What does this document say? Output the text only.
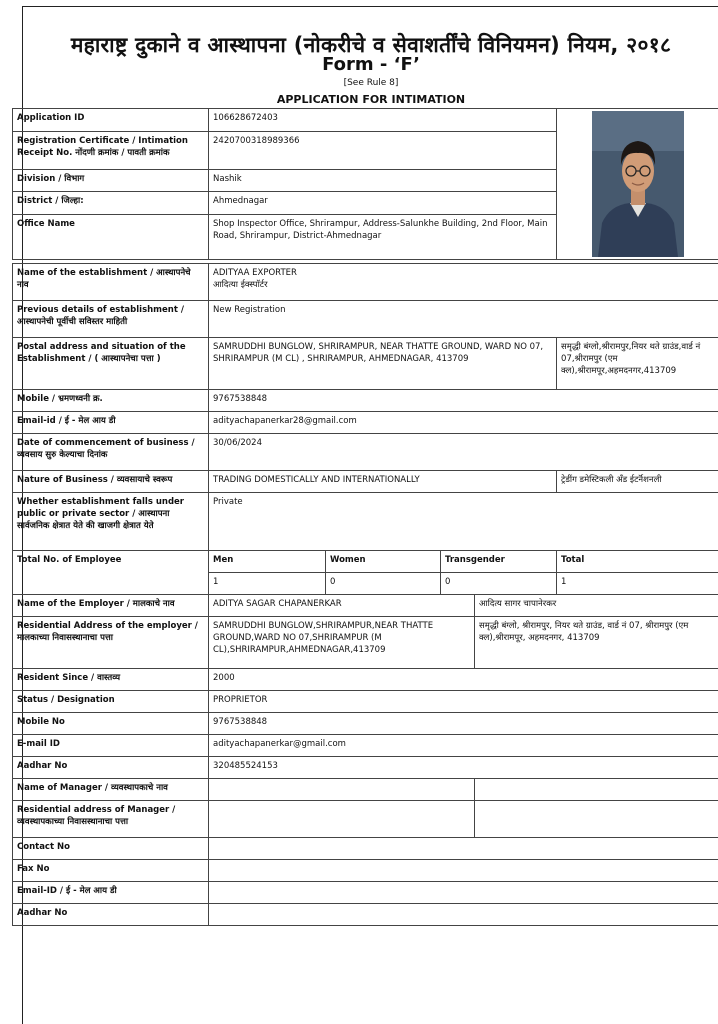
महाराष्ट्र दुकाने व आस्थापना (नोकरीचे व सेवाशर्तींचे विनियमन) नियम, २०१८
Form - ‘F’
[See Rule 8]
APPLICATION FOR INTIMATION
Application ID	106628672403	

Registration Certificate / Intimation Receipt No. नोंदणी क्रमांक / पावती क्रमांक	2420700318989366				
Division / विभाग	Nashik				
District / जिल्हा:	Ahmednagar				
Office Name	Shop Inspector Office, Shrirampur, Address-Salunkhe Building, 2nd Floor, Main Road, Shrirampur, District-Ahmednagar				

Name of the establishment / आस्थापनेचे नाव	ADITYAA EXPORTER
आदित्या ईक्स्पॉर्टर				

Previous details of establishment / आस्थापनेची पूर्वीची सविस्तर माहिती	New Registration				
Postal address and situation of the Establishment / ( आस्थापनेचा पत्ता )	SAMRUDDHI BUNGLOW, SHRIRAMPUR, NEAR THATTE GROUND, WARD NO 07, SHRIRAMPUR (M CL) , SHRIRAMPUR, AHMEDNAGAR, 413709				समृद्धी बंग्लो,श्रीरामपुर,नियर थते ग्राउंड,वार्ड नं 07,श्रीरामपुर (एम क्ल),श्रीरामपूर,अहमदनगर,413709
Mobile / भ्रमणध्वनी क्र.	9767538848				
Email-id / ई - मेल आय डी	adityachapanerkar28@gmail.com				
Date of commencement of business / व्यवसाय सुरु केल्याचा दिनांक	30/06/2024				
Nature of Business / व्यवसायाचे स्वरूप	TRADING DOMESTICALLY AND INTERNATIONALLY				ट्रेडींग डमेस्टिकली अँड ईटर्नॅशनली
Whether establishment falls under public or private sector / आस्थापना सार्वजनिक क्षेत्रात येते की खाजगी क्षेत्रात येते	Private				
Total No. of Employee	Men	Women	Transgender		Total
	1	0	0		1
Name of the Employer / मालकाचे नाव	ADITYA SAGAR CHAPANERKAR			आदित्य सागर चापानेरकर	
Residential Address of the employer / मालकाच्या निवासस्थानाचा पत्ता	SAMRUDDHI BUNGLOW,SHRIRAMPUR,NEAR THATTE GROUND,WARD NO 07,SHRIRAMPUR (M CL),SHRIRAMPUR,AHMEDNAGAR,413709			समृद्धी बंग्लो, श्रीरामपुर, नियर थते ग्राउंड, वार्ड नं 07, श्रीरामपुर (एम क्ल),श्रीरामपूर, अहमदनगर, 413709	
Resident Since / वास्तव्य	2000				
Status / Designation	PROPRIETOR				
Mobile No	9767538848				
E-mail ID	adityachapanerkar@gmail.com				
Aadhar No	320485524153				
Name of Manager / व्यवस्थापकाचे नाव					
Residential address of Manager / व्यवस्थापकाच्या निवासस्थानाचा पत्ता					
Contact No					
Fax No					
Email-ID / ई - मेल आय डी					
Aadhar No					
